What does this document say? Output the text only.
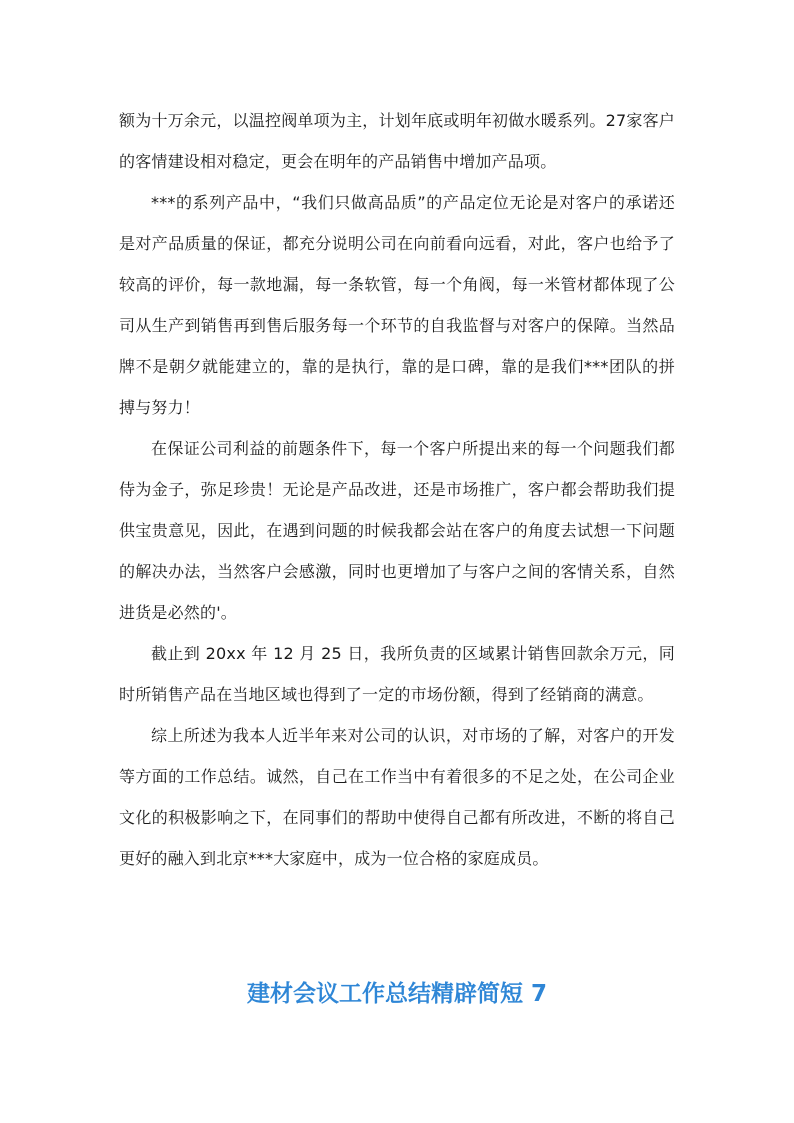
额为十万余元，以温控阀单项为主，计划年底或明年初做水暖系列。27家客户的客情建设相对稳定，更会在明年的产品销售中增加产品项。

***的系列产品中，“我们只做高品质”的产品定位无论是对客户的承诺还是对产品质量的保证，都充分说明公司在向前看向远看，对此，客户也给予了较高的评价，每一款地漏，每一条软管，每一个角阀，每一米管材都体现了公司从生产到销售再到售后服务每一个环节的自我监督与对客户的保障。当然品牌不是朝夕就能建立的，靠的是执行，靠的是口碑，靠的是我们***团队的拼搏与努力！

在保证公司利益的前题条件下，每一个客户所提出来的每一个问题我们都侍为金子，弥足珍贵！无论是产品改进，还是市场推广，客户都会帮助我们提供宝贵意见，因此，在遇到问题的时候我都会站在客户的角度去试想一下问题的解决办法，当然客户会感激，同时也更增加了与客户之间的客情关系，自然进货是必然的'。

截止到 20xx 年 12 月 25 日，我所负责的区域累计销售回款余万元，同时所销售产品在当地区域也得到了一定的市场份额，得到了经销商的满意。

综上所述为我本人近半年来对公司的认识，对市场的了解，对客户的开发等方面的工作总结。诚然，自己在工作当中有着很多的不足之处，在公司企业文化的积极影响之下，在同事们的帮助中使得自己都有所改进，不断的将自己更好的融入到北京***大家庭中，成为一位合格的家庭成员。

建材会议工作总结精辟简短 7
